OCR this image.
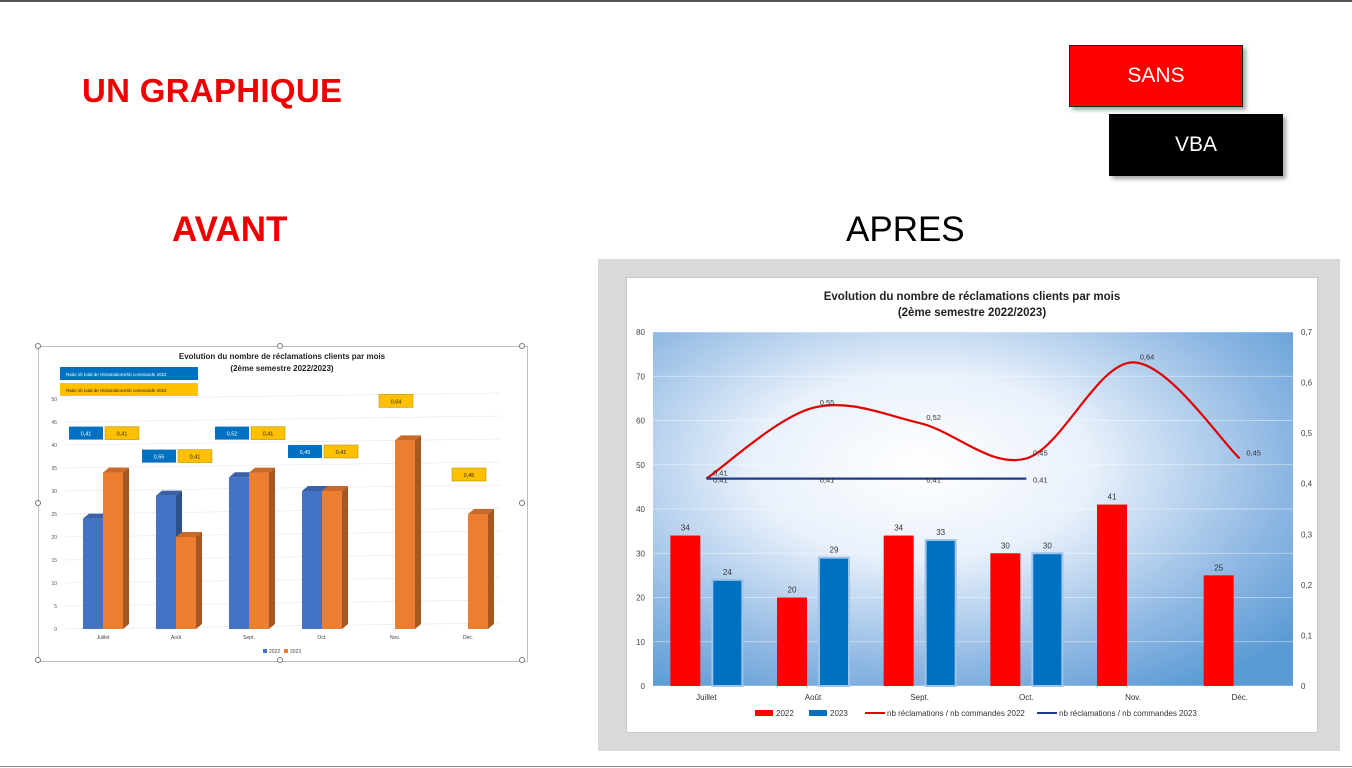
UN GRAPHIQUE	SANS
VBA
AVANT	APRES
Evolution du nombre de réclamations clients par mois
(2ème semestre 2022/2023)
Ratio nb total de réclamations/nb commande 2022
Ratio nb total de réclamations/nb commande 2024
0
5
10
15
20
25
30
35
40
45
50
0,41	0,41
0,55	0,41
0,52	0,41
0,45	0,41
0,64
0,45
Juillet	Août	Sept.	Oct.	Nov.	Déc.
2022 2023
Evolution du nombre de réclamations clients par mois
(2ème semestre 2022/2023)
0
10
20
30
40
50
60
70
80
0
0,1
0,2
0,3
0,4
0,5
0,6
0,7
34
24
20
29
34	33
30	30
41
25
0,41
0,55
0,52
0,45
0,64
0,45
0,41	0,41	0,41	0,41
Juillet	Août	Sept.	Oct.	Nov.	Déc.
2022	2023	nb réclamations / nb commandes 2022	nb réclamations / nb commandes 2023
